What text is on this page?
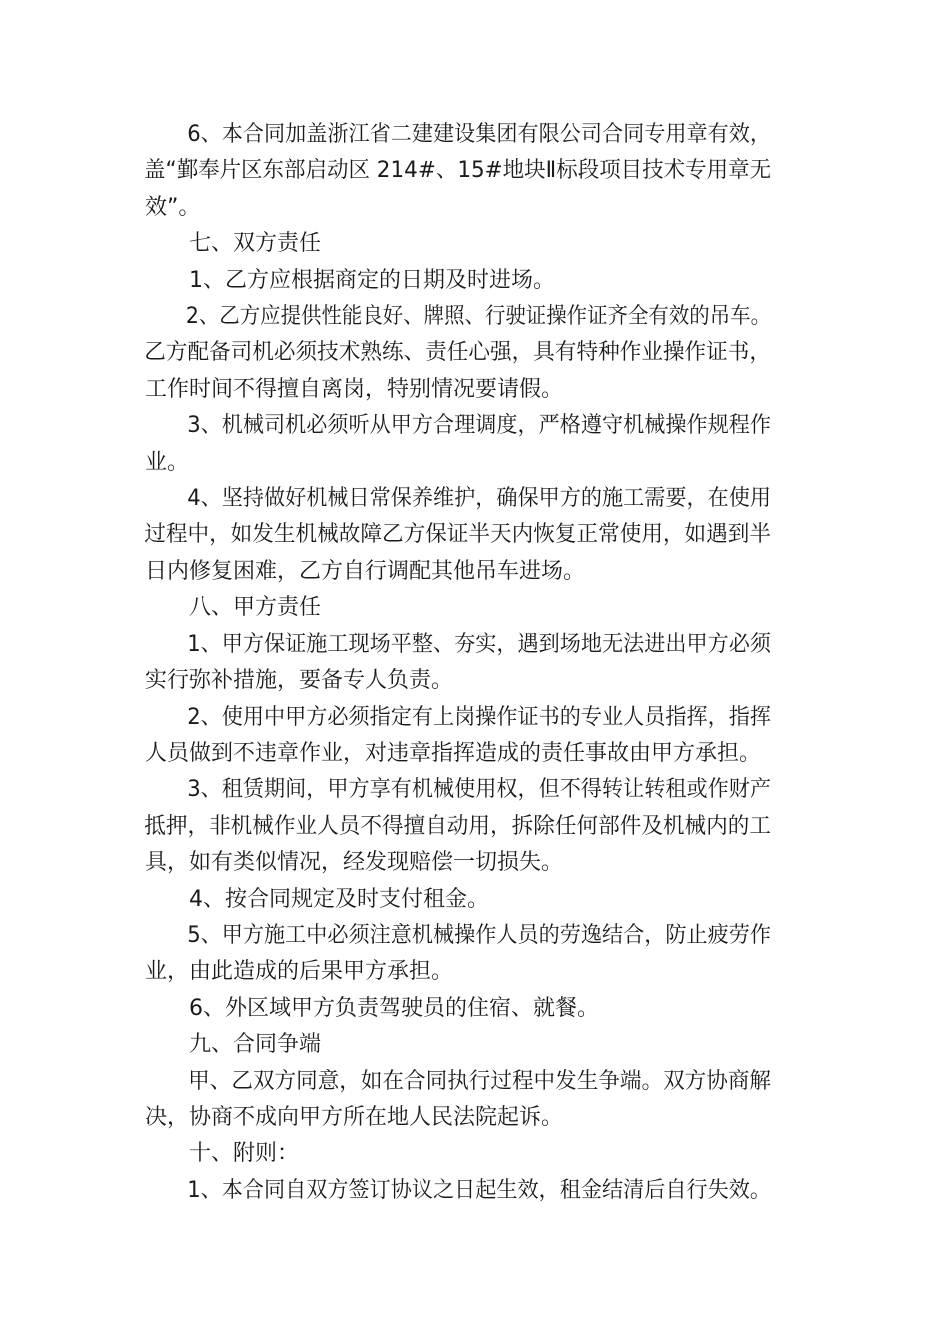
6、本合同加盖浙江省二建建设集团有限公司合同专用章有效，
盖“鄞奉片区东部启动区 214#、15#地块Ⅱ标段项目技术专用章无
效”。

七、双方责任

1、乙方应根据商定的日期及时进场。

2、乙方应提供性能良好、牌照、行驶证操作证齐全有效的吊车。
乙方配备司机必须技术熟练、责任心强，具有特种作业操作证书，
工作时间不得擅自离岗，特别情况要请假。

3、机械司机必须听从甲方合理调度，严格遵守机械操作规程作
业。

4、坚持做好机械日常保养维护，确保甲方的施工需要，在使用
过程中，如发生机械故障乙方保证半天内恢复正常使用，如遇到半
日内修复困难，乙方自行调配其他吊车进场。

八、甲方责任

1、甲方保证施工现场平整、夯实，遇到场地无法进出甲方必须
实行弥补措施，要备专人负责。

2、使用中甲方必须指定有上岗操作证书的专业人员指挥，指挥
人员做到不违章作业，对违章指挥造成的责任事故由甲方承担。

3、租赁期间，甲方享有机械使用权，但不得转让转租或作财产
抵押，非机械作业人员不得擅自动用，拆除任何部件及机械内的工
具，如有类似情况，经发现赔偿一切损失。

4、按合同规定及时支付租金。

5、甲方施工中必须注意机械操作人员的劳逸结合，防止疲劳作
业，由此造成的后果甲方承担。

6、外区域甲方负责驾驶员的住宿、就餐。

九、合同争端

甲、乙双方同意，如在合同执行过程中发生争端。双方协商解
决，协商不成向甲方所在地人民法院起诉。

十、附则：

1、本合同自双方签订协议之日起生效，租金结清后自行失效。
